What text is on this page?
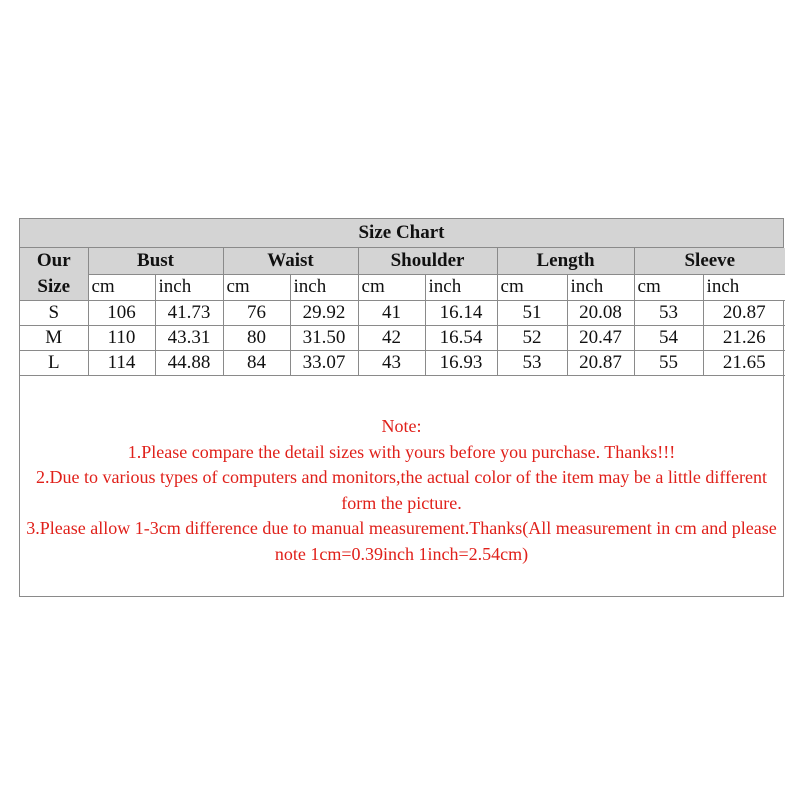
Size Chart
Our
Size	Bust		Waist		Shoulder		Length		Sleeve	
	cm	inch	cm	inch	cm	inch	cm	inch	cm	inch
S	106	41.73	76	29.92	41	16.14	51	20.08	53	20.87
M	110	43.31	80	31.50	42	16.54	52	20.47	54	21.26
L	114	44.88	84	33.07	43	16.93	53	20.87	55	21.65
Note:
1.Please compare the detail sizes with yours before you purchase. Thanks!!!
2.Due to various types of computers and monitors,the actual color of the item may be a little different form the picture.
3.Please allow 1-3cm difference due to manual measurement.Thanks(All measurement in cm and please note 1cm=0.39inch 1inch=2.54cm)
